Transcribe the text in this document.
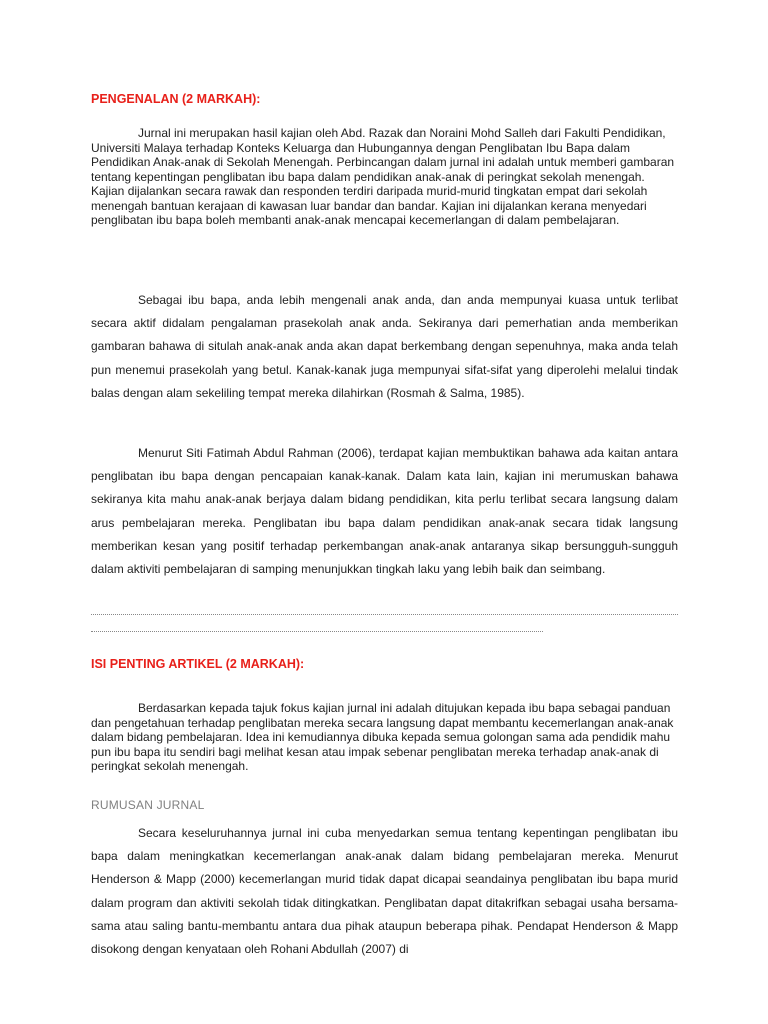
PENGENALAN (2 MARKAH):

Jurnal ini merupakan hasil kajian oleh Abd. Razak dan Noraini Mohd Salleh dari Fakulti Pendidikan, Universiti Malaya terhadap Konteks Keluarga dan Hubungannya dengan Penglibatan Ibu Bapa dalam Pendidikan Anak-anak di Sekolah Menengah. Perbincangan dalam jurnal ini adalah untuk memberi gambaran tentang kepentingan penglibatan ibu bapa dalam pendidikan anak-anak di peringkat sekolah menengah. Kajian dijalankan secara rawak dan responden terdiri daripada murid-murid tingkatan empat dari sekolah menengah bantuan kerajaan di kawasan luar bandar dan bandar. Kajian ini dijalankan kerana menyedari penglibatan ibu bapa boleh membanti anak-anak mencapai kecemerlangan di dalam pembelajaran.

Sebagai ibu bapa, anda lebih mengenali anak anda, dan anda mempunyai kuasa untuk terlibat secara aktif didalam pengalaman prasekolah anak anda. Sekiranya dari pemerhatian anda memberikan gambaran bahawa di situlah anak-anak anda akan dapat berkembang dengan sepenuhnya, maka anda telah pun menemui prasekolah yang betul. Kanak-kanak juga mempunyai sifat-sifat yang diperolehi melalui tindak balas dengan alam sekeliling tempat mereka dilahirkan (Rosmah & Salma, 1985).

Menurut Siti Fatimah Abdul Rahman (2006), terdapat kajian membuktikan bahawa ada kaitan antara penglibatan ibu bapa dengan pencapaian kanak-kanak. Dalam kata lain, kajian ini merumuskan bahawa sekiranya kita mahu anak-anak berjaya dalam bidang pendidikan, kita perlu terlibat secara langsung dalam arus pembelajaran mereka. Penglibatan ibu bapa dalam pendidikan anak-anak secara tidak langsung memberikan kesan yang positif terhadap perkembangan anak-anak antaranya sikap bersungguh-sungguh dalam aktiviti pembelajaran di samping menunjukkan tingkah laku yang lebih baik dan seimbang.

ISI PENTING ARTIKEL (2 MARKAH):

Berdasarkan kepada tajuk fokus kajian jurnal ini adalah ditujukan kepada ibu bapa sebagai panduan dan pengetahuan terhadap penglibatan mereka secara langsung dapat membantu kecemerlangan anak-anak dalam bidang pembelajaran. Idea ini kemudiannya dibuka kepada semua golongan sama ada pendidik mahu pun ibu bapa itu sendiri bagi melihat kesan atau impak sebenar penglibatan mereka terhadap anak-anak di peringkat sekolah menengah.

RUMUSAN JURNAL

Secara keseluruhannya jurnal ini cuba menyedarkan semua tentang kepentingan penglibatan ibu bapa dalam meningkatkan kecemerlangan anak-anak dalam bidang pembelajaran mereka. Menurut Henderson & Mapp (2000) kecemerlangan murid tidak dapat dicapai seandainya penglibatan ibu bapa murid dalam program dan aktiviti sekolah tidak ditingkatkan. Penglibatan dapat ditakrifkan sebagai usaha bersama-sama atau saling bantu-membantu antara dua pihak ataupun beberapa pihak. Pendapat Henderson & Mapp disokong dengan kenyataan oleh Rohani Abdullah (2007) di
